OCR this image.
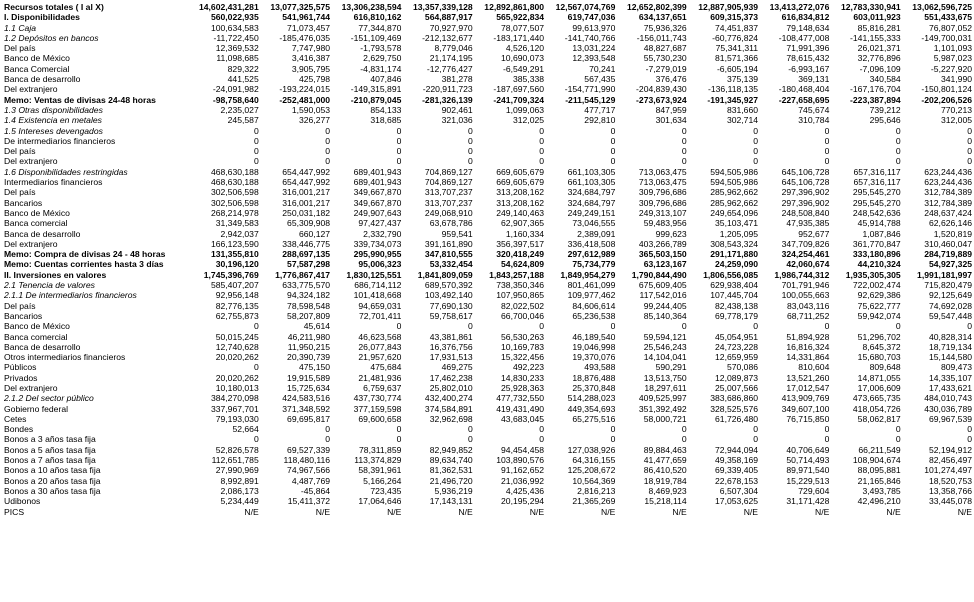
Recursos totales ( I al X)	14,602,431,281	13,077,325,575	13,306,238,594	13,357,339,128	12,892,861,800	12,567,074,769	12,652,802,399	12,887,905,939	13,413,272,076	12,783,330,941	13,062,596,725
I. Disponibilidades	560,022,935	541,961,744	616,810,162	564,887,917	565,922,834	619,747,036	634,137,651	609,315,373	616,834,812	603,011,923	551,433,675
1.1 Caja	100,634,583	71,073,457	77,344,870	70,927,970	78,077,507	99,613,970	75,936,326	74,451,837	79,148,634	85,816,281	76,807,052
1.2 Depósitos en bancos	-11,722,450	-185,476,035	-151,109,469	-212,132,677	-183,171,440	-141,740,766	-156,011,743	-60,776,824	-108,477,008	-141,155,333	-149,700,031
Del país	12,369,532	7,747,980	-1,793,578	8,779,046	4,526,120	13,031,224	48,827,687	75,341,311	71,991,396	26,021,371	1,101,093
Banco de México	11,098,685	3,416,387	2,629,750	21,174,195	10,690,073	12,393,548	55,730,230	81,571,366	78,615,432	32,776,896	5,987,023
Banca Comercial	829,322	3,905,795	-4,831,174	-12,776,427	-6,549,291	70,241	-7,279,019	-6,605,194	-6,993,167	-7,096,109	-5,227,920
Banca de desarrollo	441,525	425,798	407,846	381,278	385,338	567,435	376,476	375,139	369,131	340,584	341,990
Del extranjero	-24,091,982	-193,224,015	-149,315,891	-220,911,723	-187,697,560	-154,771,990	-204,839,430	-136,118,135	-180,468,404	-167,176,704	-150,801,124
Memo: Ventas de divisas 24-48 horas	-98,758,640	-252,481,000	-210,879,045	-281,326,139	-241,709,324	-211,545,129	-273,673,924	-191,345,927	-227,658,695	-223,387,894	-202,206,526
1.3 Otras disponibilidades	2,235,027	1,590,053	854,133	902,461	1,099,063	477,717	847,959	831,660	745,674	739,212	770,213
1.4 Existencia en metales	245,587	326,277	318,685	321,036	312,025	292,810	301,634	302,714	310,784	295,646	312,005
1.5 Intereses devengados	0	0	0	0	0	0	0	0	0	0	0
De intermediarios financieros	0	0	0	0	0	0	0	0	0	0	0
Del país	0	0	0	0	0	0	0	0	0	0	0
Del extranjero	0	0	0	0	0	0	0	0	0	0	0
1.6 Disponibilidades restringidas	468,630,188	654,447,992	689,401,943	704,869,127	669,605,679	661,103,305	713,063,475	594,505,986	645,106,728	657,316,117	623,244,436
Intermediarios financieros	468,630,188	654,447,992	689,401,943	704,869,127	669,605,679	661,103,305	713,063,475	594,505,986	645,106,728	657,316,117	623,244,436
Del país	302,506,598	316,001,217	349,667,870	313,707,237	313,208,162	324,684,797	309,796,686	285,962,662	297,396,902	295,545,270	312,784,389
Bancarios	302,506,598	316,001,217	349,667,870	313,707,237	313,208,162	324,684,797	309,796,686	285,962,662	297,396,902	295,545,270	312,784,389
Banco de México	268,214,978	250,031,182	249,907,643	249,068,910	249,140,463	249,249,151	249,313,107	249,654,096	248,508,840	248,542,636	248,637,424
Banca comercial	31,349,583	65,309,908	97,427,437	63,678,786	62,907,365	73,046,555	59,483,956	35,103,471	47,935,385	45,914,788	62,626,146
Banca de desarrollo	2,942,037	660,127	2,332,790	959,541	1,160,334	2,389,091	999,623	1,205,095	952,677	1,087,846	1,520,819
Del extranjero	166,123,590	338,446,775	339,734,073	391,161,890	356,397,517	336,418,508	403,266,789	308,543,324	347,709,826	361,770,847	310,460,047
Memo: Compra de divisas 24 - 48 horas	131,355,810	288,697,135	295,990,955	347,810,555	320,418,249	297,612,989	365,503,150	291,171,880	324,254,461	333,180,896	284,719,889
Memo: Cuentas corrientes hasta 3 días	30,196,120	57,587,298	95,006,323	53,332,454	54,624,809	75,734,779	63,123,167	24,259,090	42,060,674	44,210,324	54,927,325
II. Inversiones en valores	1,745,396,769	1,776,867,417	1,830,125,551	1,841,809,059	1,843,257,188	1,849,954,279	1,790,844,490	1,806,556,085	1,986,744,312	1,935,305,305	1,991,181,997
2.1 Tenencia de valores	585,407,207	633,775,570	686,714,112	689,570,392	738,350,346	801,461,099	675,609,405	629,938,404	701,791,946	722,002,474	715,820,479
2.1.1 De intermediarios financieros	92,956,148	94,324,182	101,418,668	103,492,140	107,950,865	109,977,462	117,542,016	107,445,704	100,055,663	92,629,386	92,125,649
Del país	82,776,135	78,598,548	94,659,031	77,690,130	82,022,502	84,606,614	99,244,405	82,438,138	83,043,116	75,622,777	74,692,028
Bancarios	62,755,873	58,207,809	72,701,411	59,758,617	66,700,046	65,236,538	85,140,364	69,778,179	68,711,252	59,942,074	59,547,448
Banco de México	0	45,614	0	0	0	0	0	0	0	0	0
Banca comercial	50,015,245	46,211,980	46,623,568	43,381,861	56,530,263	46,189,540	59,594,121	45,054,951	51,894,928	51,296,702	40,828,314
Banca de desarrollo	12,740,628	11,950,215	26,077,843	16,376,756	10,169,783	19,046,998	25,546,243	24,723,228	16,816,324	8,645,372	18,719,134
Otros intermediarios financieros	20,020,262	20,390,739	21,957,620	17,931,513	15,322,456	19,370,076	14,104,041	12,659,959	14,331,864	15,680,703	15,144,580
Públicos	0	475,150	475,684	469,275	492,223	493,588	590,291	570,086	810,604	809,648	809,473
Privados	20,020,262	19,915,589	21,481,936	17,462,238	14,830,233	18,876,488	13,513,750	12,089,873	13,521,260	14,871,055	14,335,107
Del extranjero	10,180,013	15,725,634	6,759,637	25,802,010	25,928,363	25,370,848	18,297,611	25,007,566	17,012,547	17,006,609	17,433,621
2.1.2 Del sector público	384,270,098	424,583,516	437,730,774	432,400,274	477,732,550	514,288,023	409,525,997	383,686,860	413,909,769	473,665,735	484,010,743
Gobierno federal	337,967,701	371,348,592	377,159,598	374,584,891	419,431,490	449,354,693	351,392,492	328,525,576	349,607,100	418,054,726	430,036,789
Cetes	79,193,030	69,695,817	69,600,658	32,962,698	43,683,045	65,275,516	58,000,721	61,726,480	76,715,850	58,062,817	69,967,539
Bondes	52,664	0	0	0	0	0	0	0	0	0	0
Bonos a 3 años tasa fija	0	0	0	0	0	0	0	0	0	0	0
Bonos a 5 años tasa fija	52,826,578	69,527,339	78,311,859	82,949,852	94,454,458	127,038,926	89,884,463	72,944,094	40,706,649	66,211,549	52,194,912
Bonos a 7 años tasa fija	112,651,785	118,480,116	113,374,829	89,634,740	103,890,576	64,316,155	41,477,659	49,358,169	50,714,493	108,904,674	82,456,497
Bonos a 10 años tasa fija	27,990,969	74,967,566	58,391,961	81,362,531	91,162,652	125,208,672	86,410,520	69,339,405	89,971,540	88,095,881	101,274,497
Bonos a 20 años tasa fija	8,992,891	4,487,769	5,166,264	21,496,720	21,036,992	10,564,369	18,919,784	22,678,153	15,229,513	21,165,846	18,520,753
Bonos a 30 años tasa fija	2,086,173	-45,864	723,435	5,936,219	4,425,436	2,816,213	8,469,923	6,507,304	729,604	3,493,785	13,358,766
Udibonos	5,234,449	15,411,372	17,064,646	17,143,131	20,195,294	21,365,269	15,218,114	17,053,625	31,171,428	42,496,210	33,445,078
PICS	N/E	N/E	N/E	N/E	N/E	N/E	N/E	N/E	N/E	N/E	N/E
